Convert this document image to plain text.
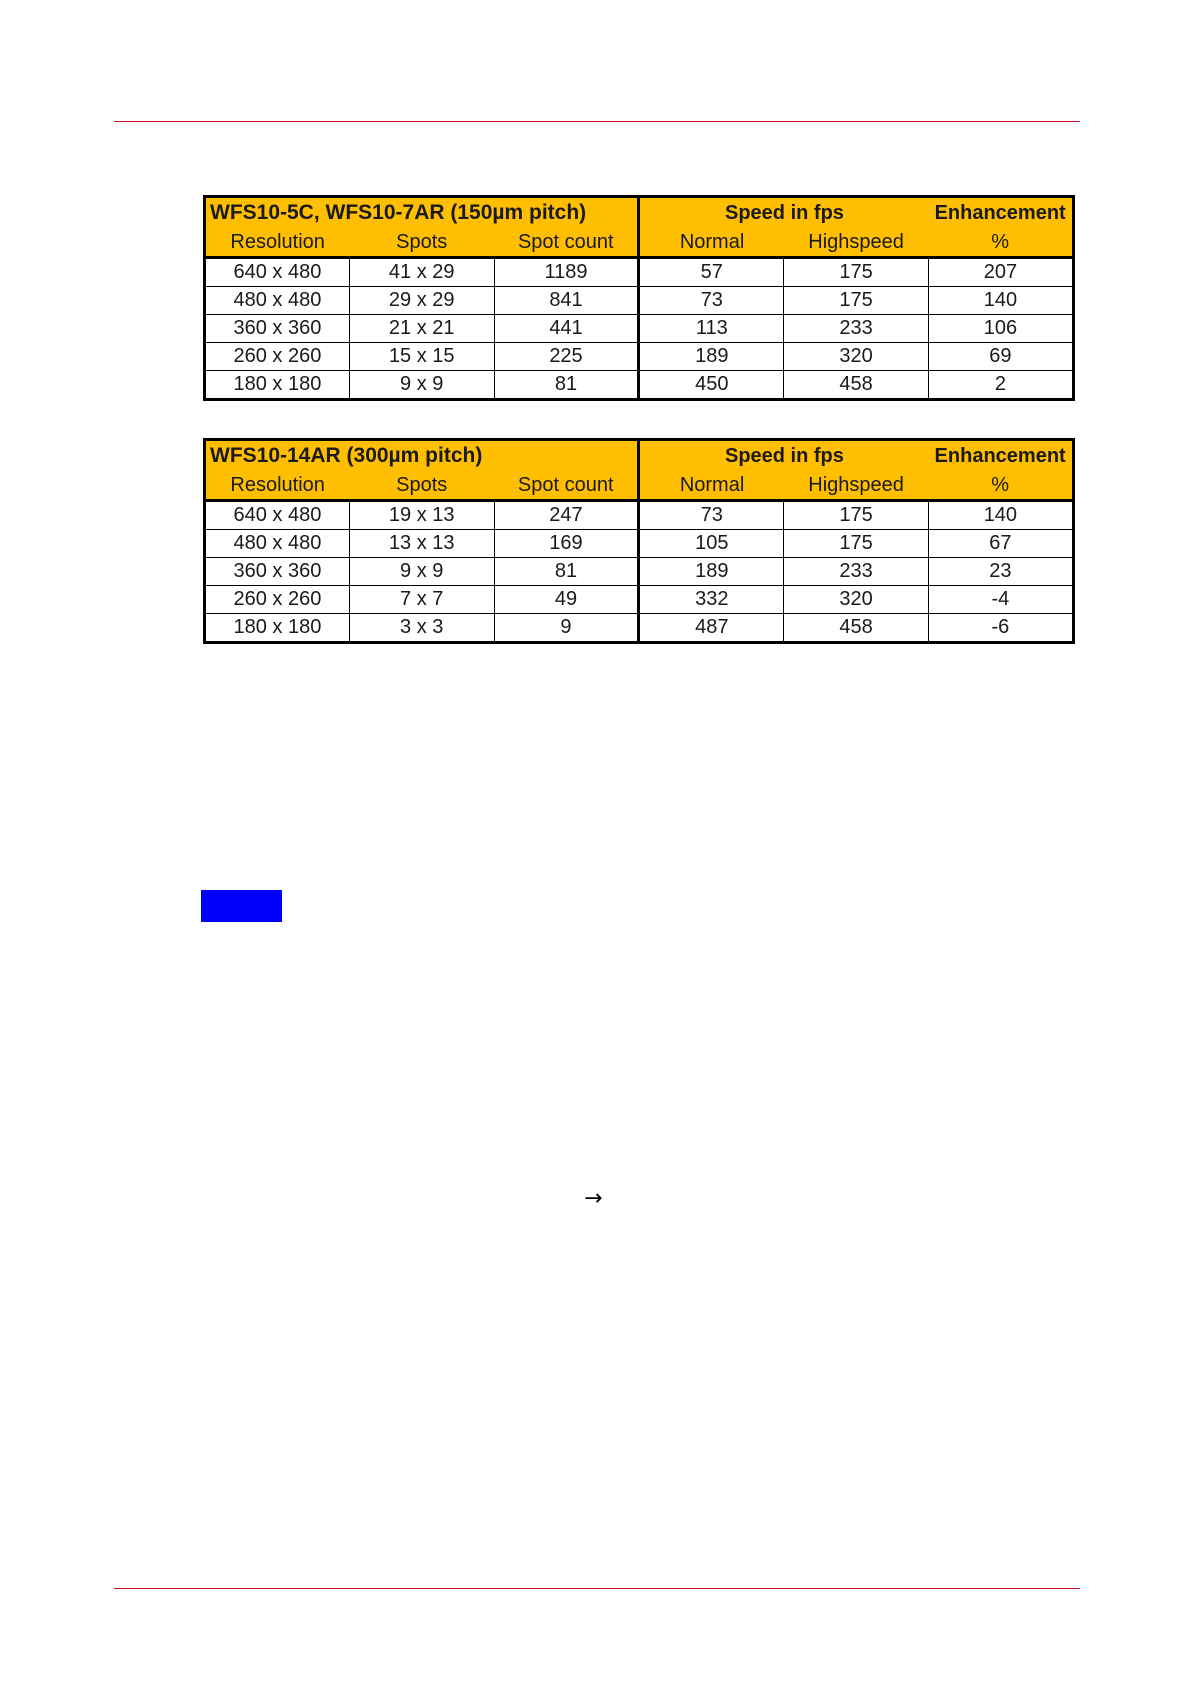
WFS10-5C, WFS10-7AR (150µm pitch)			Speed in fps		Enhancement
Resolution	Spots	Spot count	Normal	Highspeed	%
640 x 480	41 x 29	1189	57	175	207
480 x 480	29 x 29	841	73	175	140
360 x 360	21 x 21	441	113	233	106
260 x 260	15 x 15	225	189	320	69
180 x 180	9 x 9	81	450	458	2
WFS10-14AR (300µm pitch)			Speed in fps		Enhancement
Resolution	Spots	Spot count	Normal	Highspeed	%
640 x 480	19 x 13	247	73	175	140
480 x 480	13 x 13	169	105	175	67
360 x 360	9 x 9	81	189	233	23
260 x 260	7 x 7	49	332	320	-4
180 x 180	3 x 3	9	487	458	-6
→
